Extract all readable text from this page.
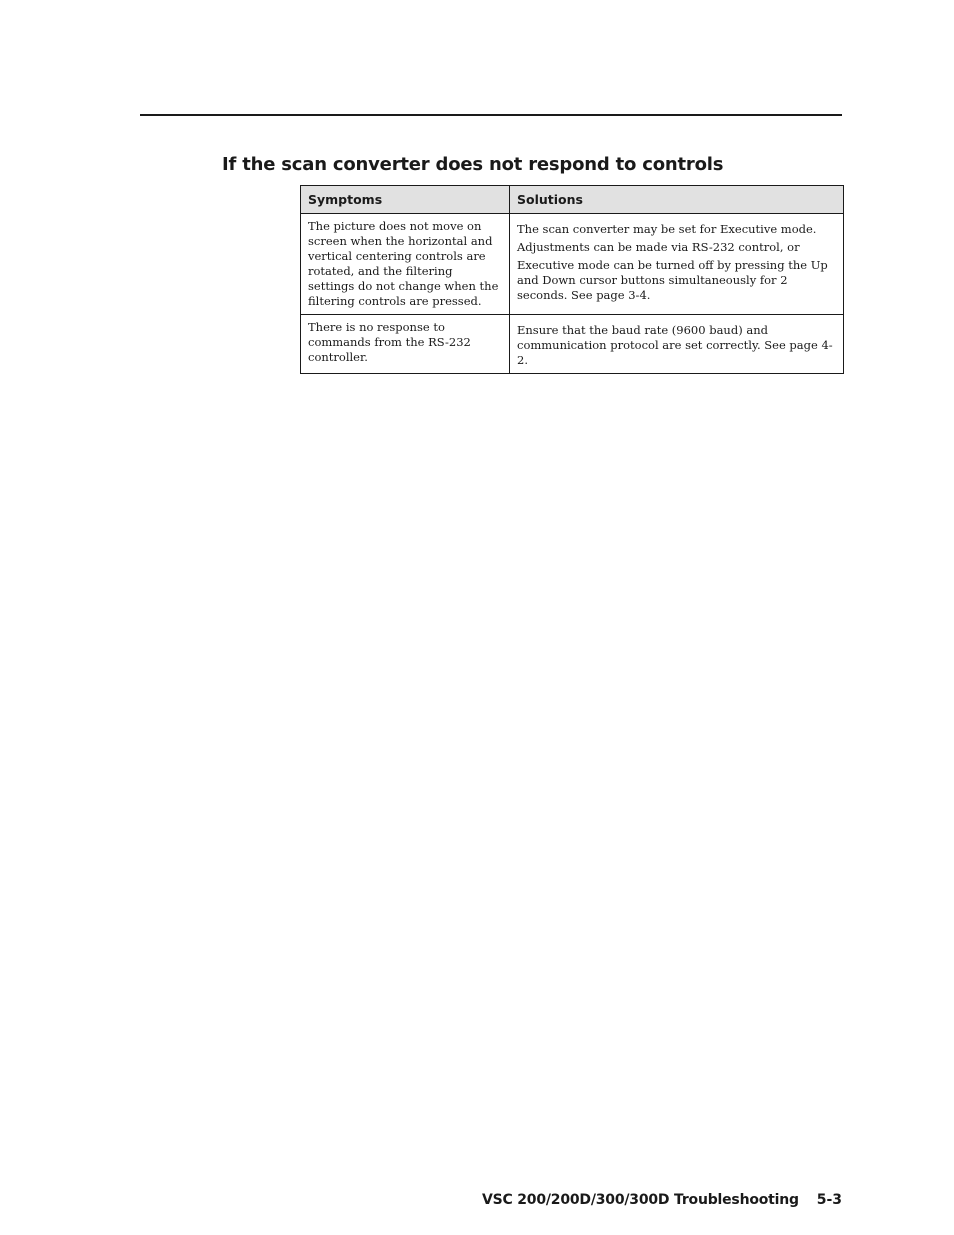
If the scan converter does not respond to controls
Symptoms	Solutions
The picture does not move on screen when the horizontal and vertical centering controls are rotated, and the filtering settings do not change when the filtering controls are pressed.	The scan converter may be set for Executive mode.

Adjustments can be made via RS-232 control, or

Executive mode can be turned off by pressing the Up and Down cursor buttons simultaneously for 2 seconds. See page 3-4.

There is no response to commands from the RS-232 controller.	Ensure that the baud rate (9600 baud) and communication protocol are set correctly. See page 4-2.

VSC 200/200D/300/300D Troubleshooting 5-3
